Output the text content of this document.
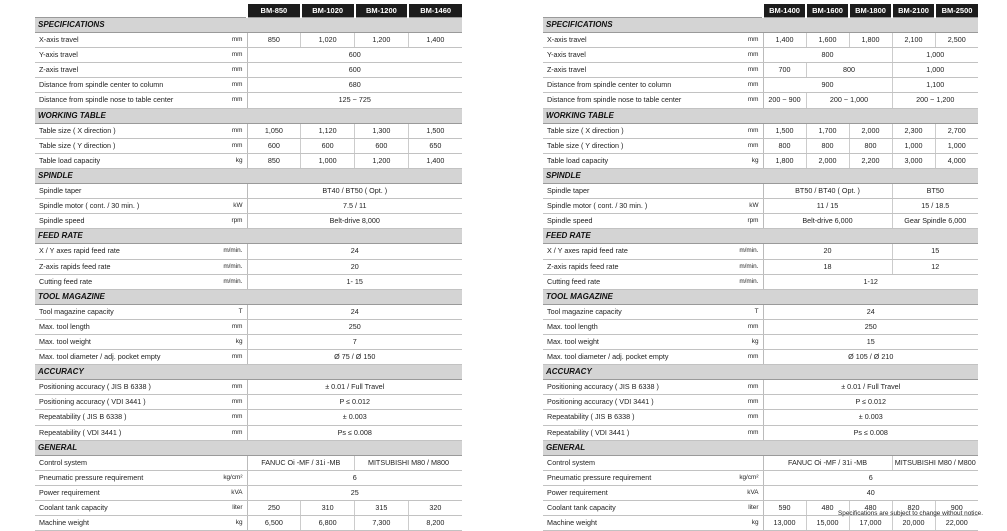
		BM-850	BM-1020	BM-1200	BM-1460
SPECIFICATIONS					
X-axis travel	mm	850	1,020	1,200	1,400
Y-axis travel	mm	600			
Z-axis travel	mm	600			
Distance from spindle center to column	mm	680			
Distance from spindle nose to table center	mm	125 ~ 725			
WORKING TABLE					
Table size ( X direction )	mm	1,050	1,120	1,300	1,500
Table size ( Y direction )	mm	600	600	600	650
Table load capacity	kg	850	1,000	1,200	1,400
SPINDLE					
Spindle taper		BT40 / BT50 ( Opt. )			
Spindle motor ( cont. / 30 min. )	kW	7.5 / 11			
Spindle speed	rpm	Belt-drive 8,000			
FEED RATE					
X / Y axes rapid feed rate	m/min.	24			
Z-axis rapids feed rate	m/min.	20			
Cutting feed rate	m/min.	1- 15			
TOOL MAGAZINE					
Tool magazine capacity	T	24			
Max. tool length	mm	250			
Max. tool weight	kg	7			
Max. tool diameter / adj. pocket empty	mm	Ø 75 / Ø 150			
ACCURACY					
Positioning accuracy ( JIS B 6338 )	mm	± 0.01 / Full Travel			
Positioning accuracy ( VDI 3441 )	mm	P ≤ 0.012			
Repeatability ( JIS B 6338 )	mm	± 0.003			
Repeatability ( VDI 3441 )	mm	Ps ≤ 0.008			
GENERAL					
Control system		FANUC Oi -MF / 31i -MB		MITSUBISHI M80 / M800	
Pneumatic pressure requirement	kg/cm²	6			
Power requirement	kVA	25			
Coolant tank capacity	liter	250	310	315	320
Machine weight	kg	6,500	6,800	7,300	8,200
		BM-1400	BM-1600	BM-1800	BM-2100	BM-2500
SPECIFICATIONS						
X-axis travel	mm	1,400	1,600	1,800	2,100	2,500
Y-axis travel	mm	800			1,000	
Z-axis travel	mm	700	800		1,000	
Distance from spindle center to column	mm	900			1,100	
Distance from spindle nose to table center	mm	200 ~ 900	200 ~ 1,000		200 ~ 1,200	
WORKING TABLE						
Table size ( X direction )	mm	1,500	1,700	2,000	2,300	2,700
Table size ( Y direction )	mm	800	800	800	1,000	1,000
Table load capacity	kg	1,800	2,000	2,200	3,000	4,000
SPINDLE						
Spindle taper		BT50 / BT40 ( Opt. )			BT50	
Spindle motor ( cont. / 30 min. )	kW	11 / 15			15 / 18.5	
Spindle speed	rpm	Belt-drive 6,000			Gear Spindle 6,000	
FEED RATE						
X / Y axes rapid feed rate	m/min.	20			15	
Z-axis rapids feed rate	m/min.	18			12	
Cutting feed rate	m/min.	1-12				
TOOL MAGAZINE						
Tool magazine capacity	T	24				
Max. tool length	mm	250				
Max. tool weight	kg	15				
Max. tool diameter / adj. pocket empty	mm	Ø 105 / Ø 210				
ACCURACY						
Positioning accuracy ( JIS B 6338 )	mm	± 0.01 / Full Travel				
Positioning accuracy ( VDI 3441 )	mm	P ≤ 0.012				
Repeatability ( JIS B 6338 )	mm	± 0.003				
Repeatability ( VDI 3441 )	mm	Ps ≤ 0.008				
GENERAL						
Control system		FANUC Oi -MF / 31i -MB			MITSUBISHI M80 / M800	
Pneumatic pressure requirement	kg/cm²	6				
Power requirement	kVA	40				
Coolant tank capacity	liter	590	480	480	820	900
Machine weight	kg	13,000	15,000	17,000	20,000	22,000
Specifications are subject to change without notice.
